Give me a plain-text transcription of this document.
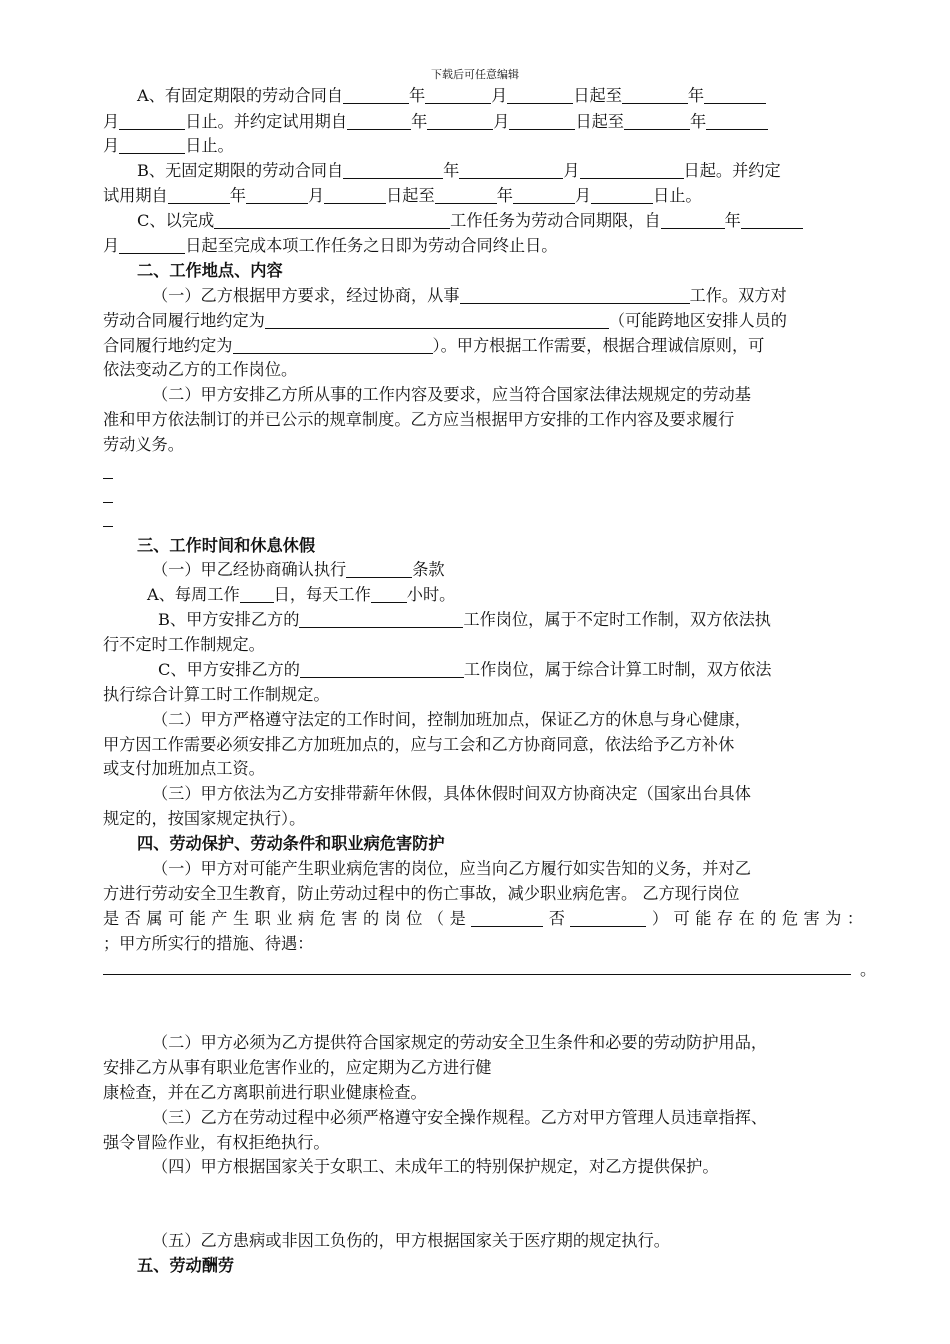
下载后可任意编辑
A、有固定期限的劳动合同自	年	月	日起至	年
月	日止。并约定试用期自	年	月	日起至	年
月	日止。
B、无固定期限的劳动合同自	年	月	日起。并约定
试用期自	年	月	日起至	年	月	日止。
C、以完成	工作任务为劳动合同期限，自	年
月	日起至完成本项工作任务之日即为劳动合同终止日。
二、工作地点、内容
（一）乙方根据甲方要求，经过协商，从事	工作。双方对
劳动合同履行地约定为	（可能跨地区安排人员的
合同履行地约定为	）。甲方根据工作需要，根据合理诚信原则，可
依法变动乙方的工作岗位。
（二）甲方安排乙方所从事的工作内容及要求，应当符合国家法律法规规定的劳动基
准和甲方依法制订的并已公示的规章制度。乙方应当根据甲方安排的工作内容及要求履行
劳动义务。
三、工作时间和休息休假
（一）甲乙经协商确认执行	条款
A、每周工作 日，每天工作 小时。
B、甲方安排乙方的	工作岗位，属于不定时工作制，双方依法执
行不定时工作制规定。
C、甲方安排乙方的	工作岗位，属于综合计算工时制，双方依法
执行综合计算工时工作制规定。
（二）甲方严格遵守法定的工作时间，控制加班加点，保证乙方的休息与身心健康，
甲方因工作需要必须安排乙方加班加点的，应与工会和乙方协商同意，依法给予乙方补休
或支付加班加点工资。
（三）甲方依法为乙方安排带薪年休假，具体休假时间双方协商决定（国家出台具体
规定的，按国家规定执行）。
四、劳动保护、劳动条件和职业病危害防护
（一）甲方对可能产生职业病危害的岗位，应当向乙方履行如实告知的义务，并对乙
方进行劳动安全卫生教育，防止劳动过程中的伤亡事故，减少职业病危害。 乙方现行岗位
是否属可能产生职业病危害的岗位（是	否	）可能存在的危害为：
；甲方所实行的措施、待遇：
。
（二）甲方必须为乙方提供符合国家规定的劳动安全卫生条件和必要的劳动防护用品，
安排乙方从事有职业危害作业的，应定期为乙方进行健
康检查，并在乙方离职前进行职业健康检查。
（三）乙方在劳动过程中必须严格遵守安全操作规程。乙方对甲方管理人员违章指挥、
强令冒险作业，有权拒绝执行。
（四）甲方根据国家关于女职工、未成年工的特别保护规定，对乙方提供保护。
（五）乙方患病或非因工负伤的，甲方根据国家关于医疗期的规定执行。
五、劳动酬劳
